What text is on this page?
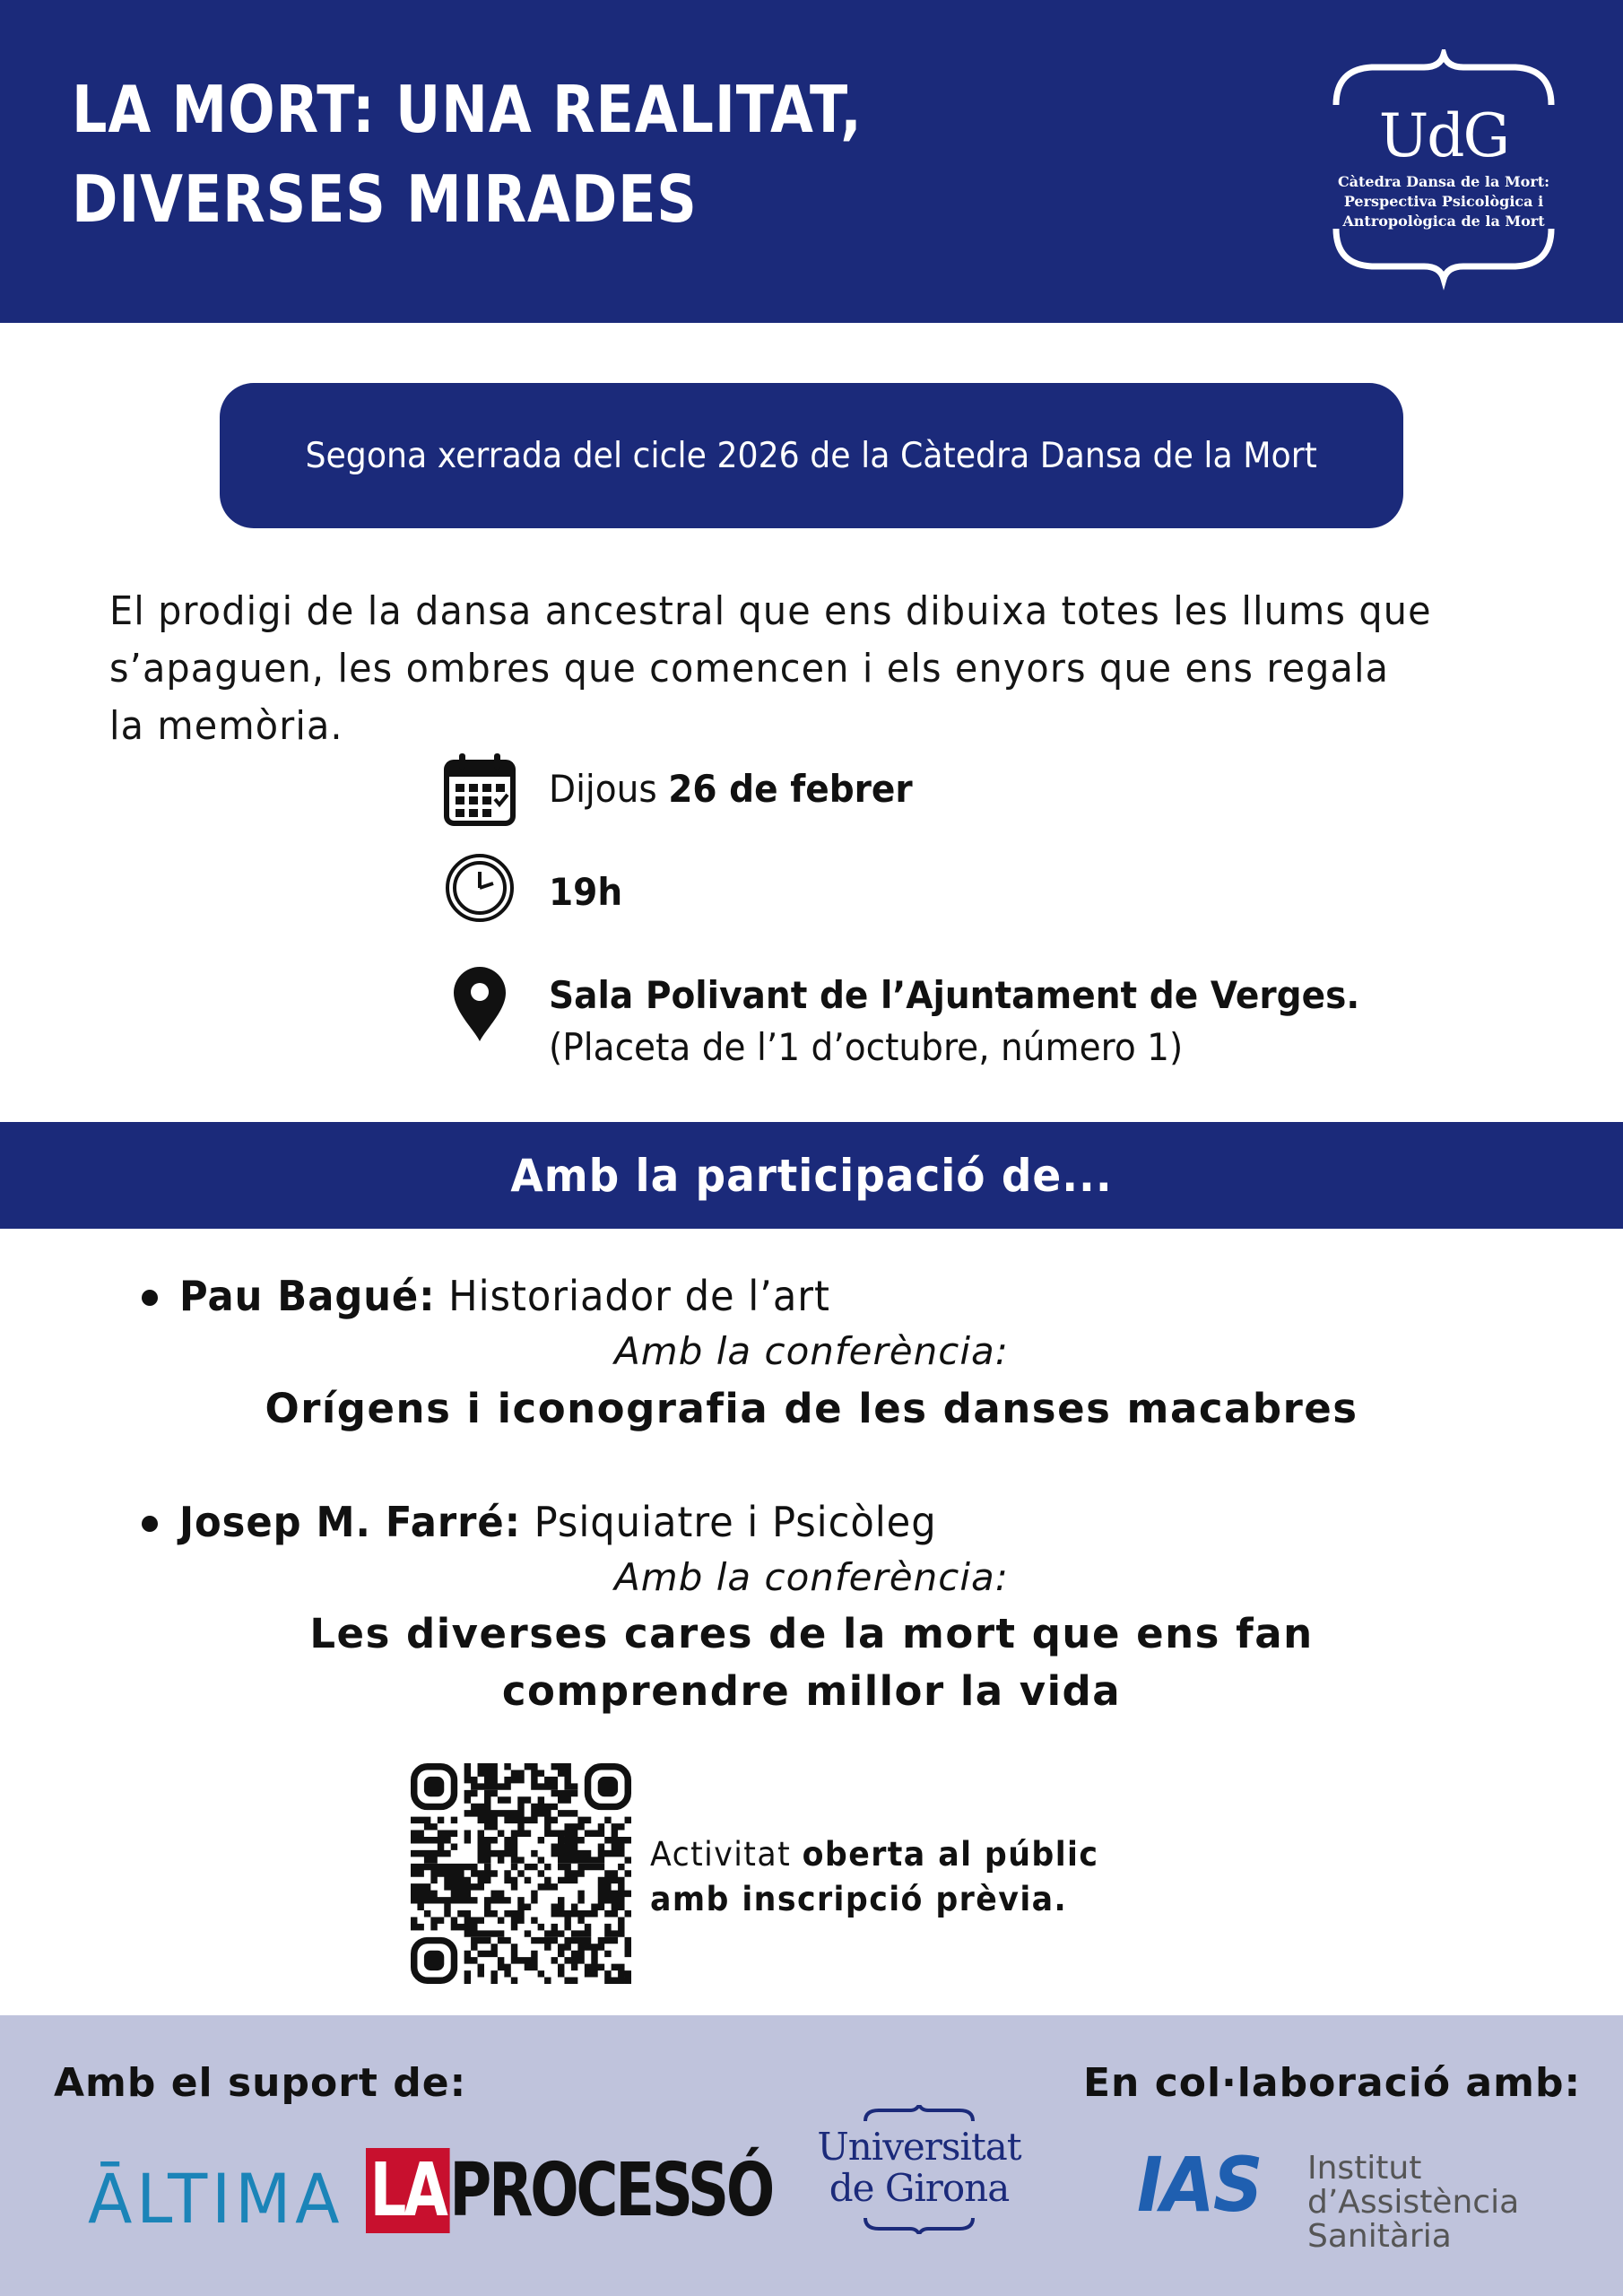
LA MORT: UNA REALITAT,
DIVERSES MIRADES
UdG
Càtedra Dansa de la Mort:
Perspectiva Psicològica i
Antropològica de la Mort
Segona xerrada del cicle 2026 de la Càtedra Dansa de la Mort
El prodigi de la dansa ancestral que ens dibuixa totes les llums que s’apaguen, les ombres que comencen i els enyors que ens regala la memòria.
Dijous 26 de febrer
19h
Sala Polivant de l’Ajuntament de Verges.
(Placeta de l’1 d’octubre, número 1)
Amb la participació de...
Pau Bagué: Historiador de l’art
Amb la conferència:
Orígens i iconografia de les danses macabres
Josep M. Farré: Psiquiatre i Psicòleg
Amb la conferència:
Les diverses cares de la mort que ens fan
comprendre millor la vida
Activitat oberta al públic amb inscripció prèvia.
Amb el suport de:	En col·laboració amb:
ĀLTIMA LAPROCESSÓ
Universitat
de Girona IAS Institut
d’Assistència
Sanitària
